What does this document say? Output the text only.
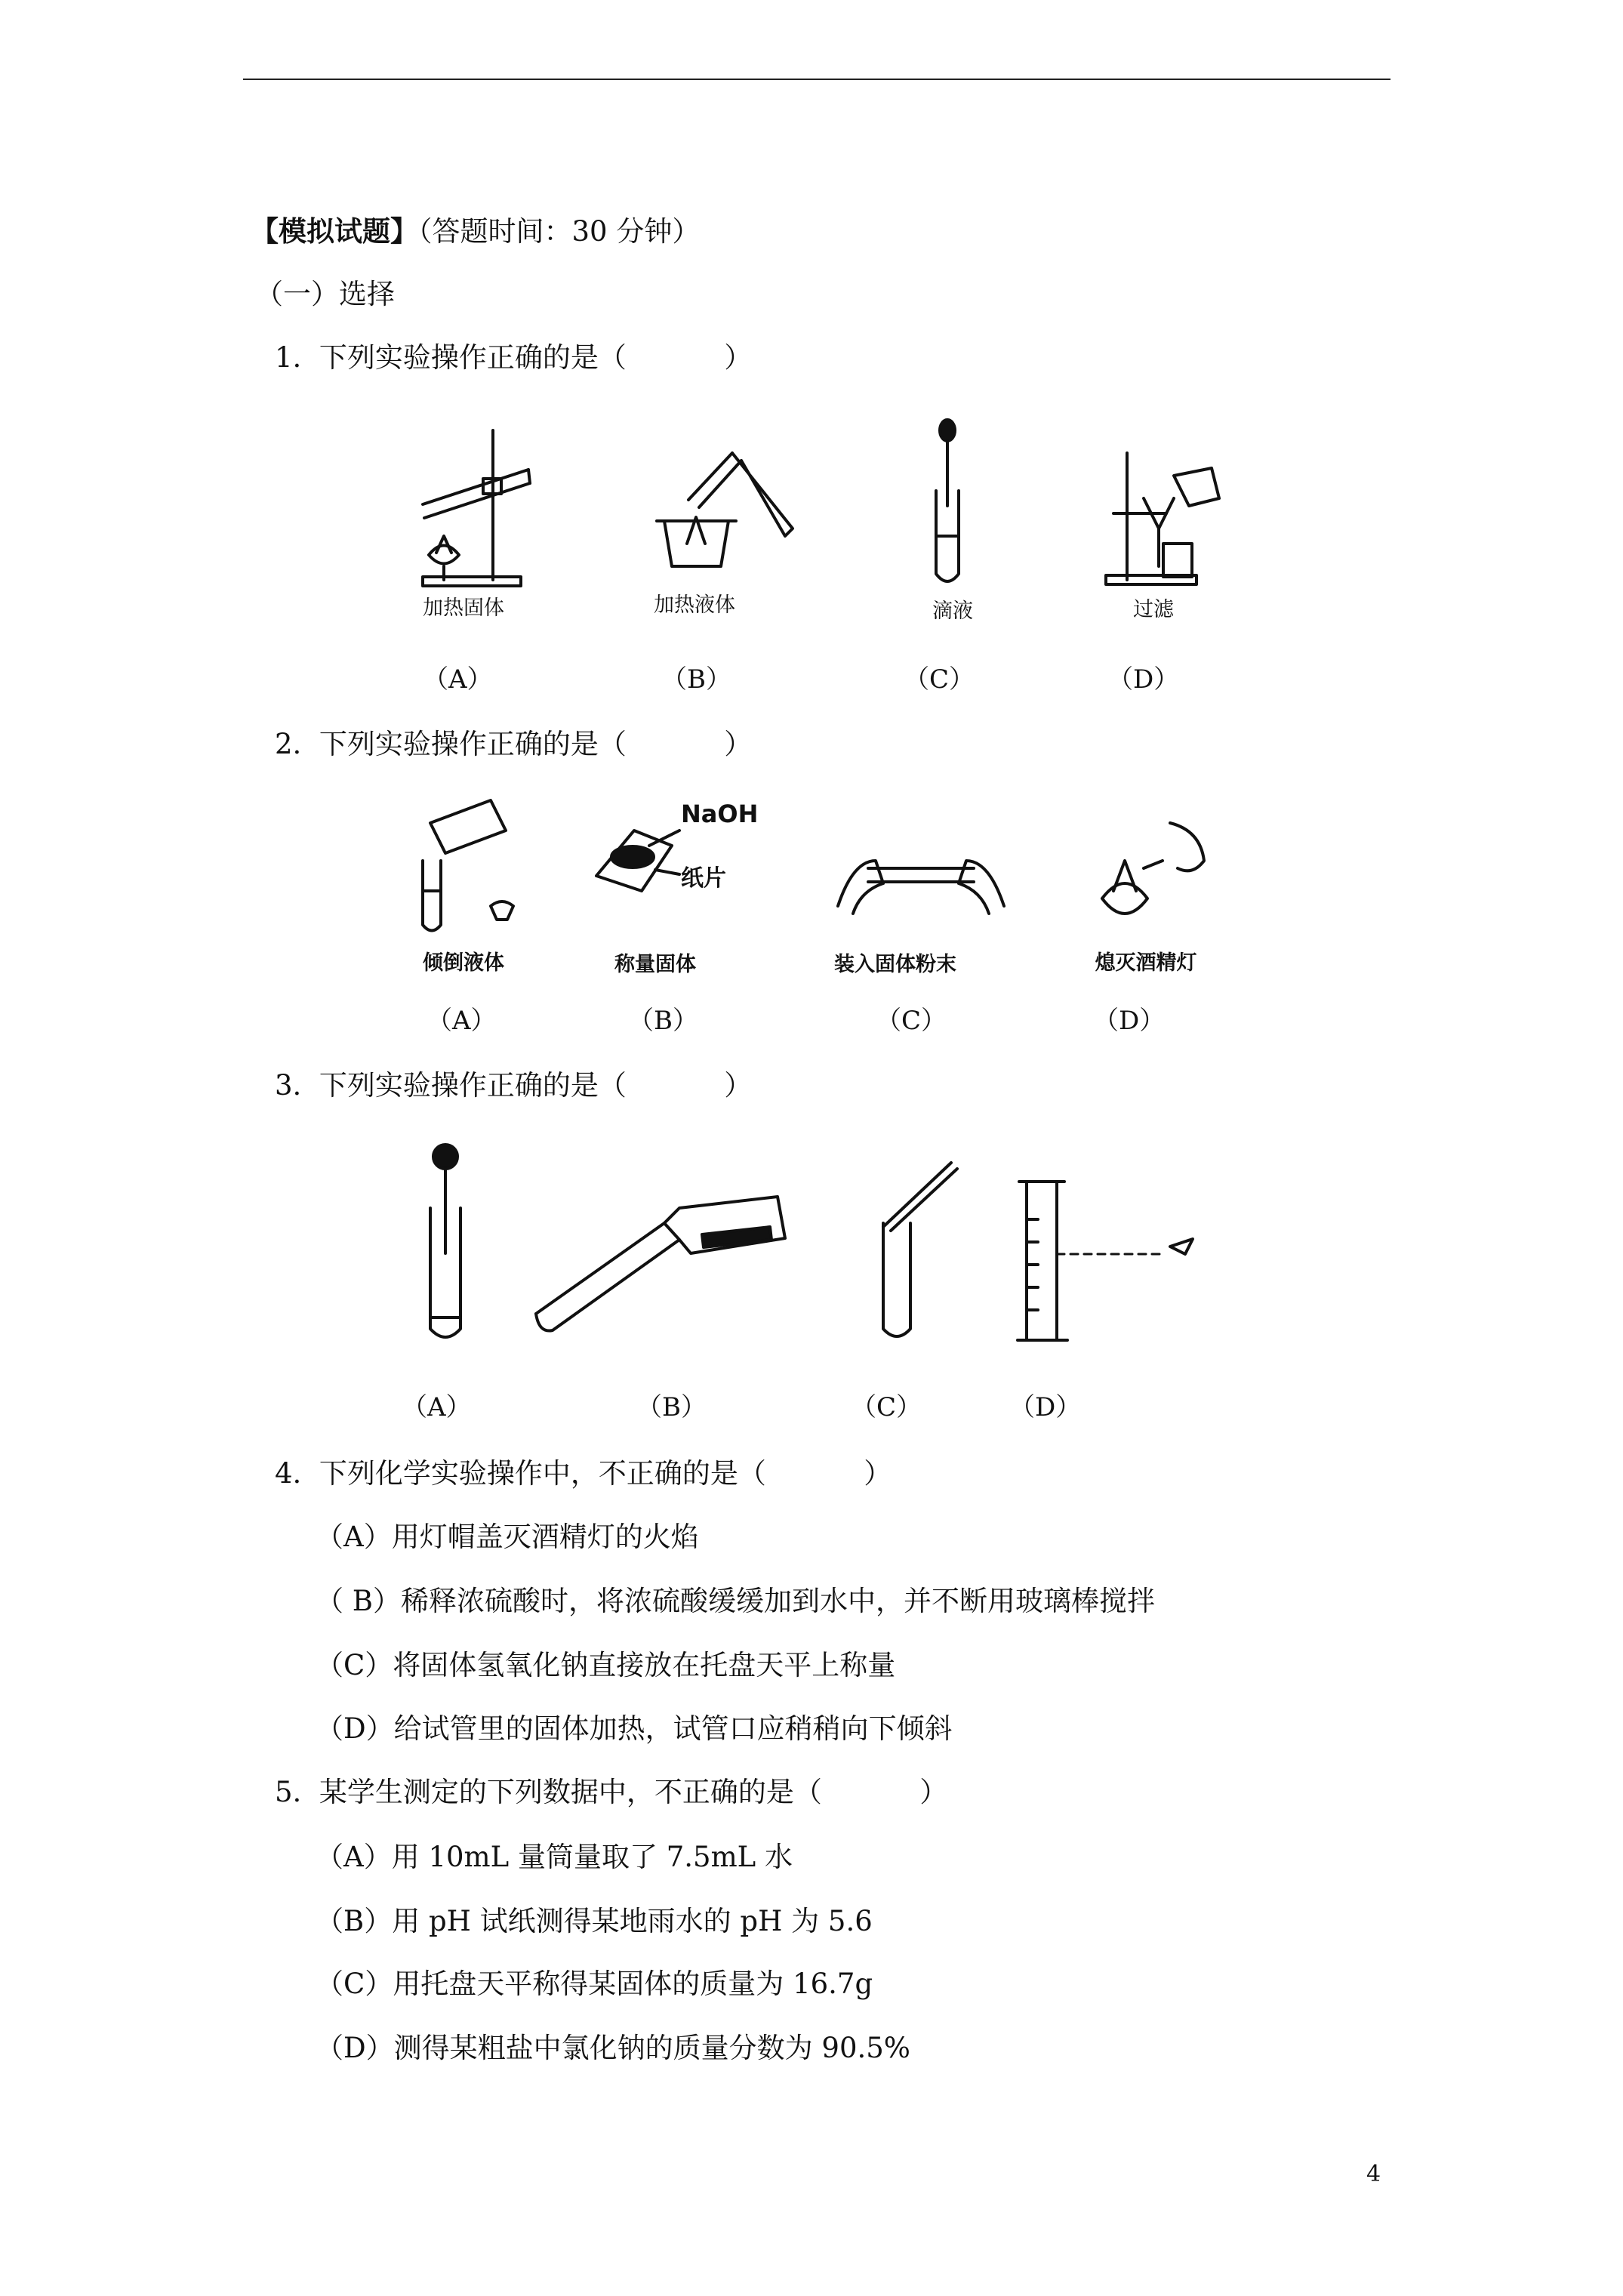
【模拟试题】（答题时间：30 分钟）
（一）选择
1.  下列实验操作正确的是（           ）
加热固体	加热液体	滴液	过滤
（A）	（B）	（C）	（D）
2.  下列实验操作正确的是（           ）
倾倒液体
NaOH
纸片
称量固体	装入固体粉末	熄灭酒精灯
（A）	（B）	（C）	（D）
3.  下列实验操作正确的是（           ）
（A）	（B）	（C）	（D）
4.  下列化学实验操作中，不正确的是（           ）
（A）用灯帽盖灭酒精灯的火焰
（ B）稀释浓硫酸时，将浓硫酸缓缓加到水中，并不断用玻璃棒搅拌
（C）将固体氢氧化钠直接放在托盘天平上称量
（D）给试管里的固体加热，试管口应稍稍向下倾斜
5.  某学生测定的下列数据中，不正确的是（           ）
（A）用 10mL 量筒量取了 7.5mL 水
（B）用 pH 试纸测得某地雨水的 pH 为 5.6
（C）用托盘天平称得某固体的质量为 16.7g
（D）测得某粗盐中氯化钠的质量分数为 90.5%
4
